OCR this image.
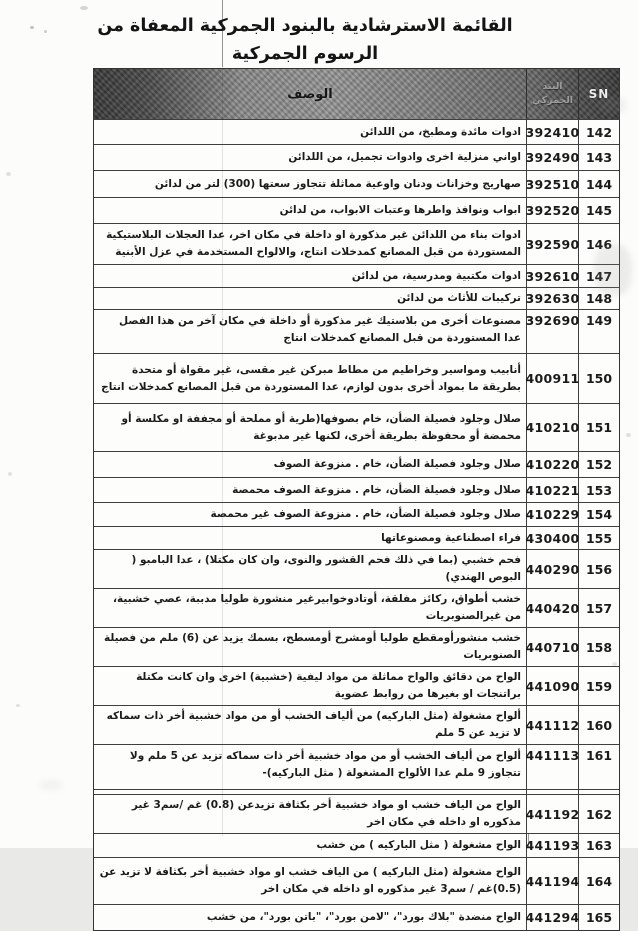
القائمة الاسترشادية بالبنود الجمركية المعفاة من الرسوم الجمركية
SN
البند الجمركي
الوصف
142
392410
ادوات مائدة ومطبخ، من اللدائن
143
392490
اواني منزلية اخرى وادوات تجميل، من اللدائن
144
392510
صهاريج وخزانات ودنان واوعية مماثلة تتجاوز سعتها (300) لتر من لدائن
145
392520
ابواب ونوافذ واطرها وعتبات الابواب، من لدائن
146
392590
ادوات بناء من اللدائن غير مذكورة او داخلة في مكان اخر، عدا العجلات البلاستيكية المستوردة من قبل المصانع كمدخلات انتاج، والالواح المستخدمة في عزل الأبنية
147
392610
ادوات مكتبية ومدرسية، من لدائن
148
392630
تركيبات للأثاث من لدائن
149
392690
مصنوعات أخرى من بلاستيك غير مذكورة أو داخلة في مكان آخر من هذا الفصل عدا المستوردة من قبل المصانع كمدخلات انتاج
150
400911
أنابيب ومواسير وخراطيم من مطاط مبركن غير مقسى، غير مقواة أو متحدة بطريقة ما بمواد أخرى بدون لوازم، عدا المستوردة من قبل المصانع كمدخلات انتاج
151
410210
صلال وجلود فصيلة الضأن، خام بصوفها(طرية أو مملحة أو مجففة او مكلسة أو محمضة أو محفوظة بطريقة أخرى، لكنها غير مدبوغة
152
410220
صلال وجلود فصيلة الضأن، خام . منزوعة الصوف
153
410221
صلال وجلود فصيلة الضأن، خام . منزوعة الصوف محمصة
154
410229
صلال وجلود فصيلة الضأن، خام . منزوعة الصوف غير محمصة
155
430400
فراء اصطناعية ومصنوعاتها
156
440290
فحم خشبي (بما في ذلك فحم القشور والنوى، وان كان مكتلا) ، عدا البامبو ( البوص الهندي)
157
440420
خشب أطواق، ركائز مفلقة، أوتادوخوابيرغير منشورة طوليا مدببة، عصي خشبية، من غيرالصنوبريات
158
440710
خشب منشورأومقطع طوليا أومشرح أومسطح، بسمك يزيد عن (6) ملم من فصيلة الصنوبريات
159
441090
الواح من دقائق والواح مماثلة من مواد ليفية (خشبية) اخرى وان كانت مكتلة براتنجات او بغيرها من روابط عضوية
160
441112
ألواح مشغولة (مثل الباركيه) من ألياف الخشب أو من مواد خشبية أخر ذات سماكه لا تزيد عن 5 ملم
161
441113
ألواح من ألياف الخشب أو من مواد خشبية أخر ذات سماكه تزيد عن 5 ملم ولا تتجاوز 9 ملم عدا الألواح المشغولة ( مثل الباركيه)-
162
441192
الواح من الياف خشب او مواد خشبية أخر بكثافة تزيدعن (0.8) غم /سم3 غير مذكوره او داخله في مكان اخر
163
441193
الواح مشغولة ( مثل الباركيه ) من خشب
164
441194
الواح مشغولة (مثل الباركيه ) من الياف خشب او مواد خشبية أخر بكثافة لا تزيد عن (0.5)غم / سم3 غير مذكوره او داخله في مكان اخر
165
441294
الواح منضدة "بلاك بورد"، "لامن بورد"، "باتن بورد"، من خشب
